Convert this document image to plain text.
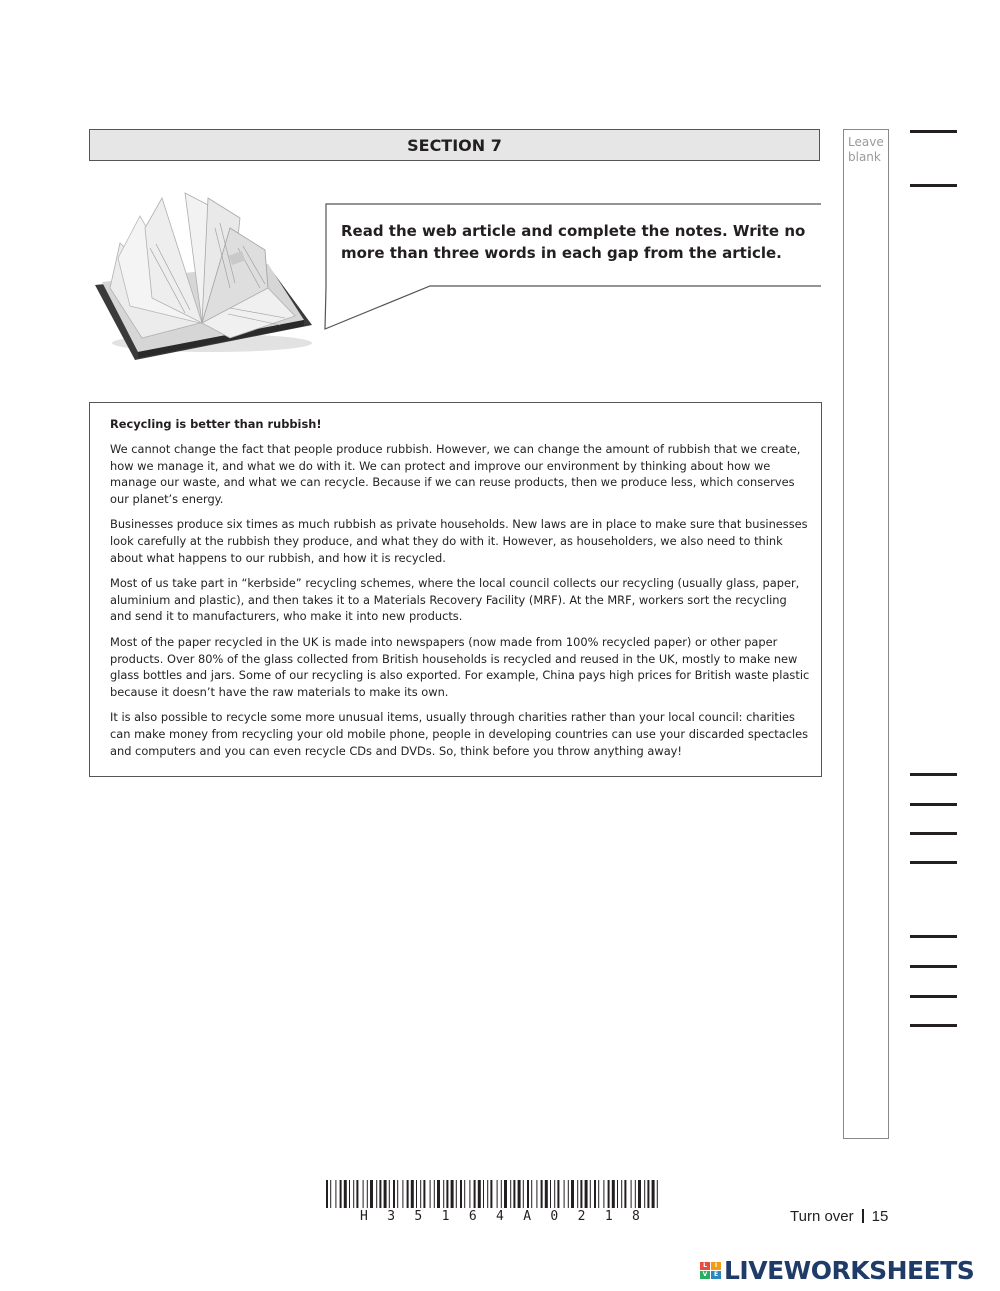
SECTION 7	Leave
blank

Read the web article and complete the notes. Write no more than three words in each gap from the article.

Recycling is better than rubbish!

We cannot change the fact that people produce rubbish. However, we can change the amount of rubbish that we create, how we manage it, and what we do with it. We can protect and improve our environment by thinking about how we manage our waste, and what we can recycle. Because if we can reuse products, then we produce less, which conserves our planet’s energy.

Businesses produce six times as much rubbish as private households. New laws are in place to make sure that businesses look carefully at the rubbish they produce, and what they do with it. However, as householders, we also need to think about what happens to our rubbish, and how it is recycled.

Most of us take part in “kerbside” recycling schemes, where the local council collects our recycling (usually glass, paper, aluminium and plastic), and then takes it to a Materials Recovery Facility (MRF). At the MRF, workers sort the recycling and send it to manufacturers, who make it into new products.

Most of the paper recycled in the UK is made into newspapers (now made from 100% recycled paper) or other paper products. Over 80% of the glass collected from British households is recycled and reused in the UK, mostly to make new glass bottles and jars. Some of our recycling is also exported. For example, China pays high prices for British waste plastic because it doesn’t have the raw materials to make its own.

It is also possible to recycle some more unusual items, usually through charities rather than your local council: charities can make money from recycling your old mobile phone, people in developing countries can use your discarded spectacles and computers and you can even recycle CDs and DVDs. So, think before you throw anything away!

H 3 5 1 6 4 A 0 2 1 8	Turn over 15
L	I
V	E LIVEWORKSHEETS
